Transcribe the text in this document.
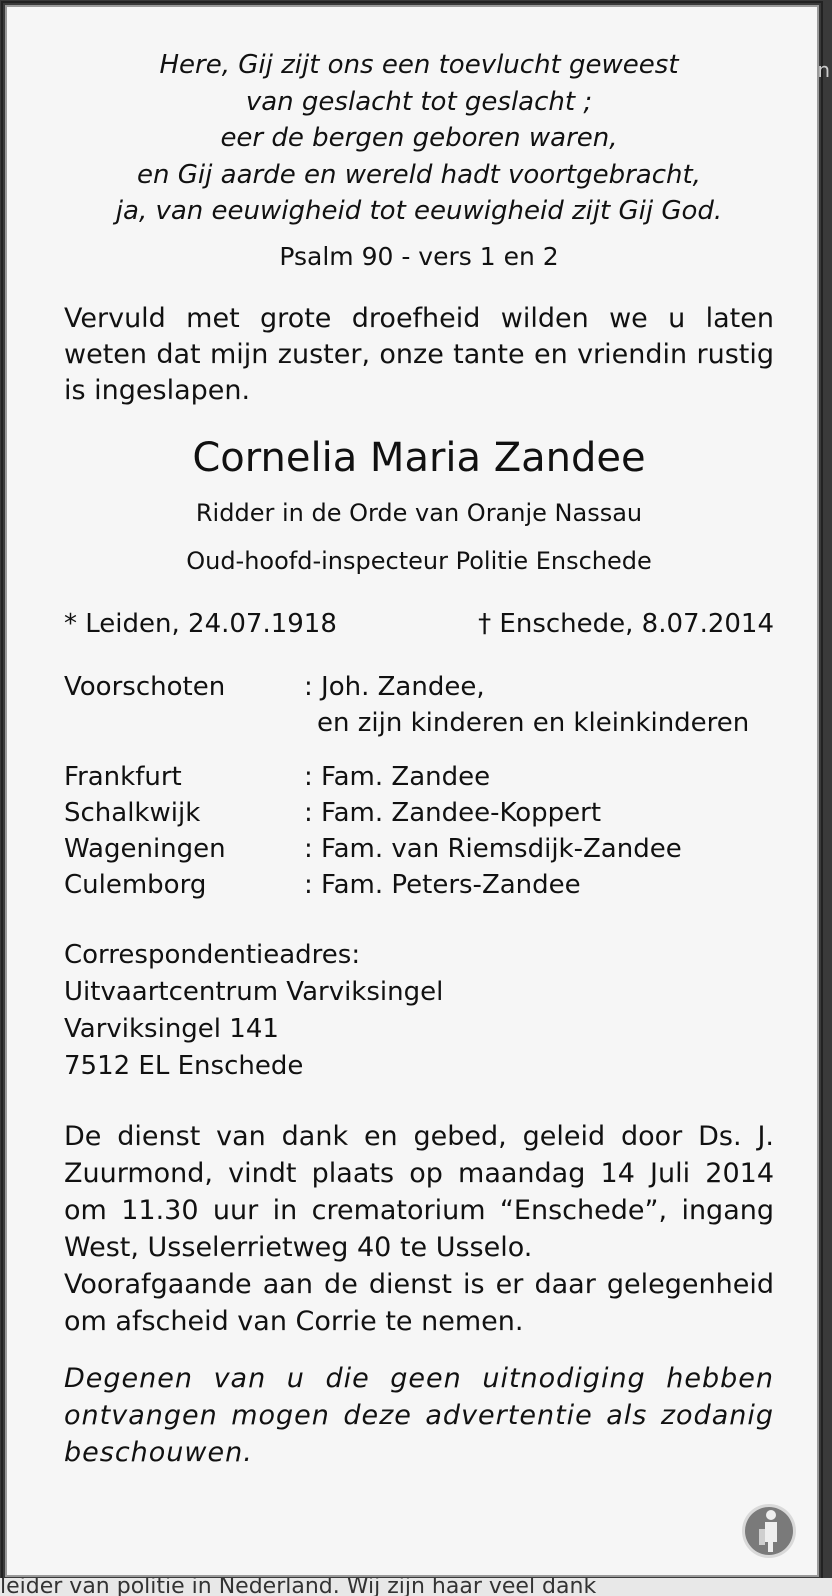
Here, Gij zijt ons een toevlucht geweest
van geslacht tot geslacht ;
eer de bergen geboren waren,
en Gij aarde en wereld hadt voortgebracht,
ja, van eeuwigheid tot eeuwigheid zijt Gij God.
Psalm 90 - vers 1 en 2
Vervuld met grote droefheid wilden we u laten weten dat mijn zuster, onze tante en vriendin rustig is ingeslapen.
Cornelia Maria Zandee
Ridder in de Orde van Oranje Nassau
Oud-hoofd-inspecteur Politie Enschede
* Leiden, 24.07.1918	† Enschede, 8.07.2014
Voorschoten	: Joh. Zandee,
en zijn kinderen en kleinkinderen
Frankfurt	: Fam. Zandee
Schalkwijk	: Fam. Zandee-Koppert
Wageningen	: Fam. van Riemsdijk-Zandee
Culemborg	: Fam. Peters-Zandee
Correspondentieadres:
Uitvaartcentrum Varviksingel
Varviksingel 141
7512 EL Enschede
De dienst van dank en gebed, geleid door Ds. J. Zuurmond, vindt plaats op maandag 14 Juli 2014 om 11.30 uur in crematorium “Enschede”, ingang West, Usselerrietweg 40 te Usselo.
Voorafgaande aan de dienst is er daar gelegenheid om afscheid van Corrie te nemen.
Degenen van u die geen uitnodiging hebben ontvangen mogen deze advertentie als zodanig beschouwen.
n
leider van politie in Nederland. Wij zijn haar veel dank
